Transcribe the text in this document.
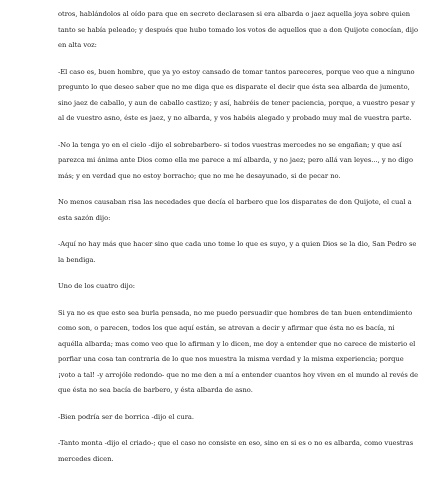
otros, hablándolos al oído para que en secreto declarasen si era albarda o jaez aquella joya sobre quien tanto se había peleado; y después que hubo tomado los votos de aquellos que a don Quijote conocían, dijo en alta voz:

-El caso es, buen hombre, que ya yo estoy cansado de tomar tantos pareceres, porque veo que a ninguno pregunto lo que deseo saber que no me diga que es disparate el decir que ésta sea albarda de jumento, sino jaez de caballo, y aun de caballo castizo; y así, habréis de tener paciencia, porque, a vuestro pesar y al de vuestro asno, éste es jaez, y no albarda, y vos habéis alegado y probado muy mal de vuestra parte.

-No la tenga yo en el cielo -dijo el sobrebarbero- si todos vuestras mercedes no se engañan; y que así parezca mi ánima ante Dios como ella me parece a mí albarda, y no jaez; pero allá van leyes..., y no digo más; y en verdad que no estoy borracho; que no me he desayunado, si de pecar no.

No menos causaban risa las necedades que decía el barbero que los disparates de don Quijote, el cual a esta sazón dijo:

-Aquí no hay más que hacer sino que cada uno tome lo que es suyo, y a quien Dios se la dio, San Pedro se la bendiga.

Uno de los cuatro dijo:

Si ya no es que esto sea burla pensada, no me puedo persuadir que hombres de tan buen entendimiento como son, o parecen, todos los que aquí están, se atrevan a decir y afirmar que ésta no es bacía, ni aquélla albarda; mas como veo que lo afirman y lo dicen, me doy a entender que no carece de misterio el porfiar una cosa tan contraria de lo que nos muestra la misma verdad y la misma experiencia; porque ¡voto a tal! -y arrojóle redondo- que no me den a mí a entender cuantos hoy viven en el mundo al revés de que ésta no sea bacía de barbero, y ésta albarda de asno.

-Bien podría ser de borrica -dijo el cura.

-Tanto monta -dijo el criado-; que el caso no consiste en eso, sino en si es o no es albarda, como vuestras mercedes dicen.
